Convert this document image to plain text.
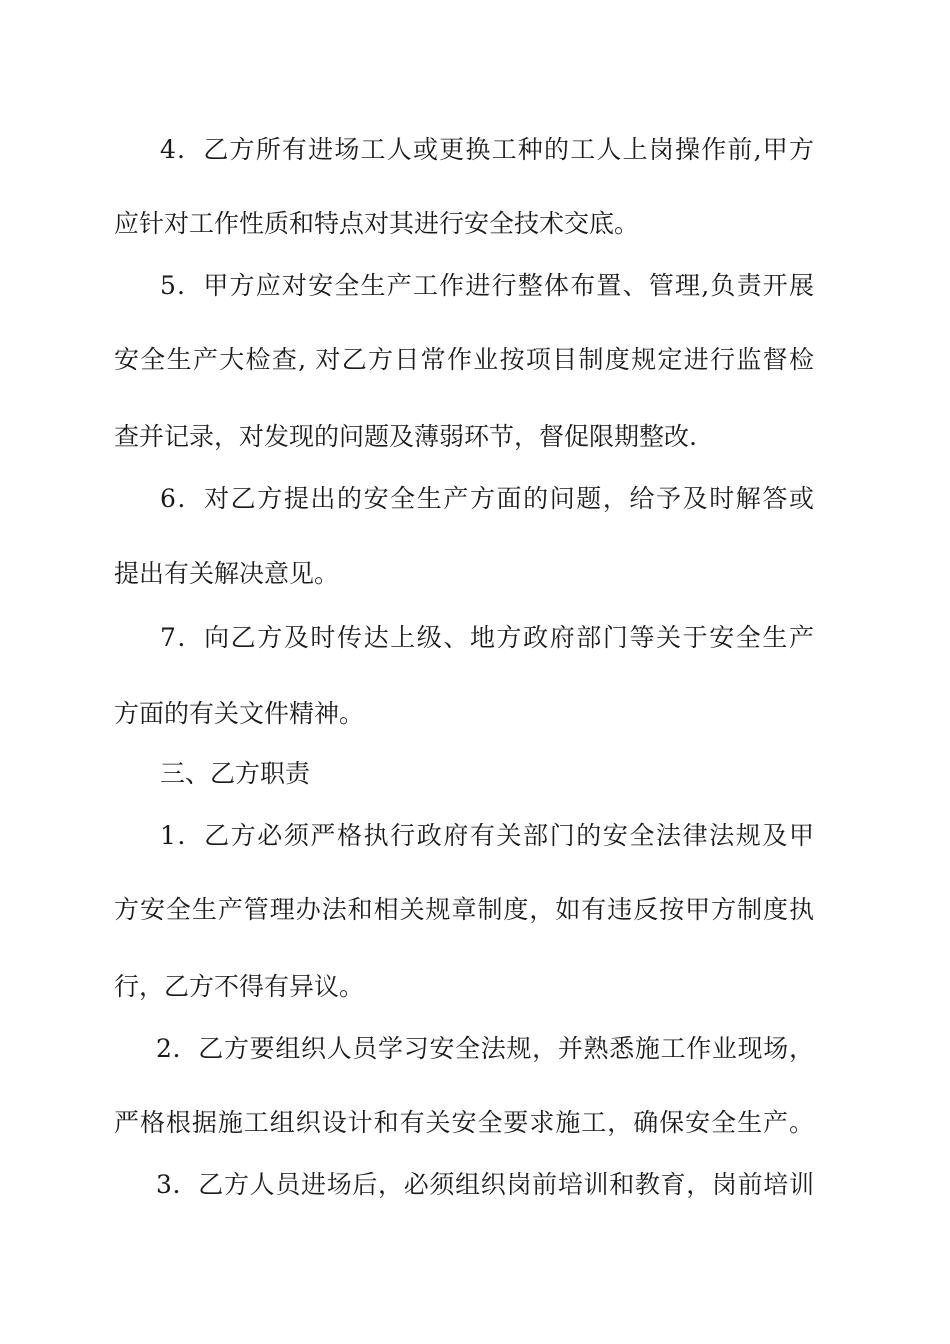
4．乙方所有进场工人或更换工种的工人上岗操作前,甲方
应针对工作性质和特点对其进行安全技术交底。
5．甲方应对安全生产工作进行整体布置、管理,负责开展
安全生产大检查, 对乙方日常作业按项目制度规定进行监督检
查并记录，对发现的问题及薄弱环节，督促限期整改.
6．对乙方提出的安全生产方面的问题，给予及时解答或
提出有关解决意见。
7．向乙方及时传达上级、地方政府部门等关于安全生产
方面的有关文件精神。
三、乙方职责
1．乙方必须严格执行政府有关部门的安全法律法规及甲
方安全生产管理办法和相关规章制度，如有违反按甲方制度执
行，乙方不得有异议。
2．乙方要组织人员学习安全法规，并熟悉施工作业现场，
严格根据施工组织设计和有关安全要求施工，确保安全生产。
3．乙方人员进场后，必须组织岗前培训和教育，岗前培训
